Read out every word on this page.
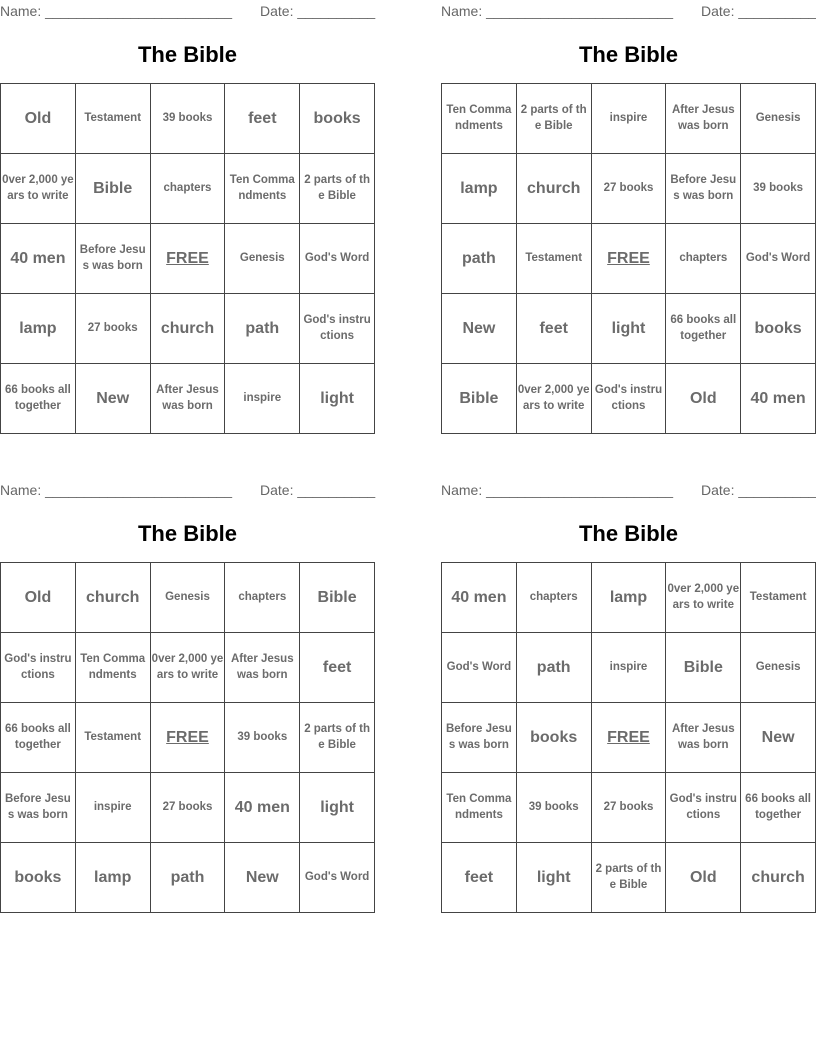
Name: ________________________ Date: __________
The Bible
Old	Testament	39 books	feet	books
0ver 2,000 years to write	Bible	chapters	Ten Commandments	2 parts of the Bible
40 men	Before Jesus was born	FREE	Genesis	God's Word
lamp	27 books	church	path	God's instructions
66 books all together	New	After Jesus was born	inspire	light
Name: ________________________ Date: __________
The Bible
Ten Commandments	2 parts of the Bible	inspire	After Jesus was born	Genesis
lamp	church	27 books	Before Jesus was born	39 books
path	Testament	FREE	chapters	God's Word
New	feet	light	66 books all together	books
Bible	0ver 2,000 years to write	God's instructions	Old	40 men
Name: ________________________ Date: __________
The Bible
Old	church	Genesis	chapters	Bible
God's instructions	Ten Commandments	0ver 2,000 years to write	After Jesus was born	feet
66 books all together	Testament	FREE	39 books	2 parts of the Bible
Before Jesus was born	inspire	27 books	40 men	light
books	lamp	path	New	God's Word
Name: ________________________ Date: __________
The Bible
40 men	chapters	lamp	0ver 2,000 years to write	Testament
God's Word	path	inspire	Bible	Genesis
Before Jesus was born	books	FREE	After Jesus was born	New
Ten Commandments	39 books	27 books	God's instructions	66 books all together
feet	light	2 parts of the Bible	Old	church
